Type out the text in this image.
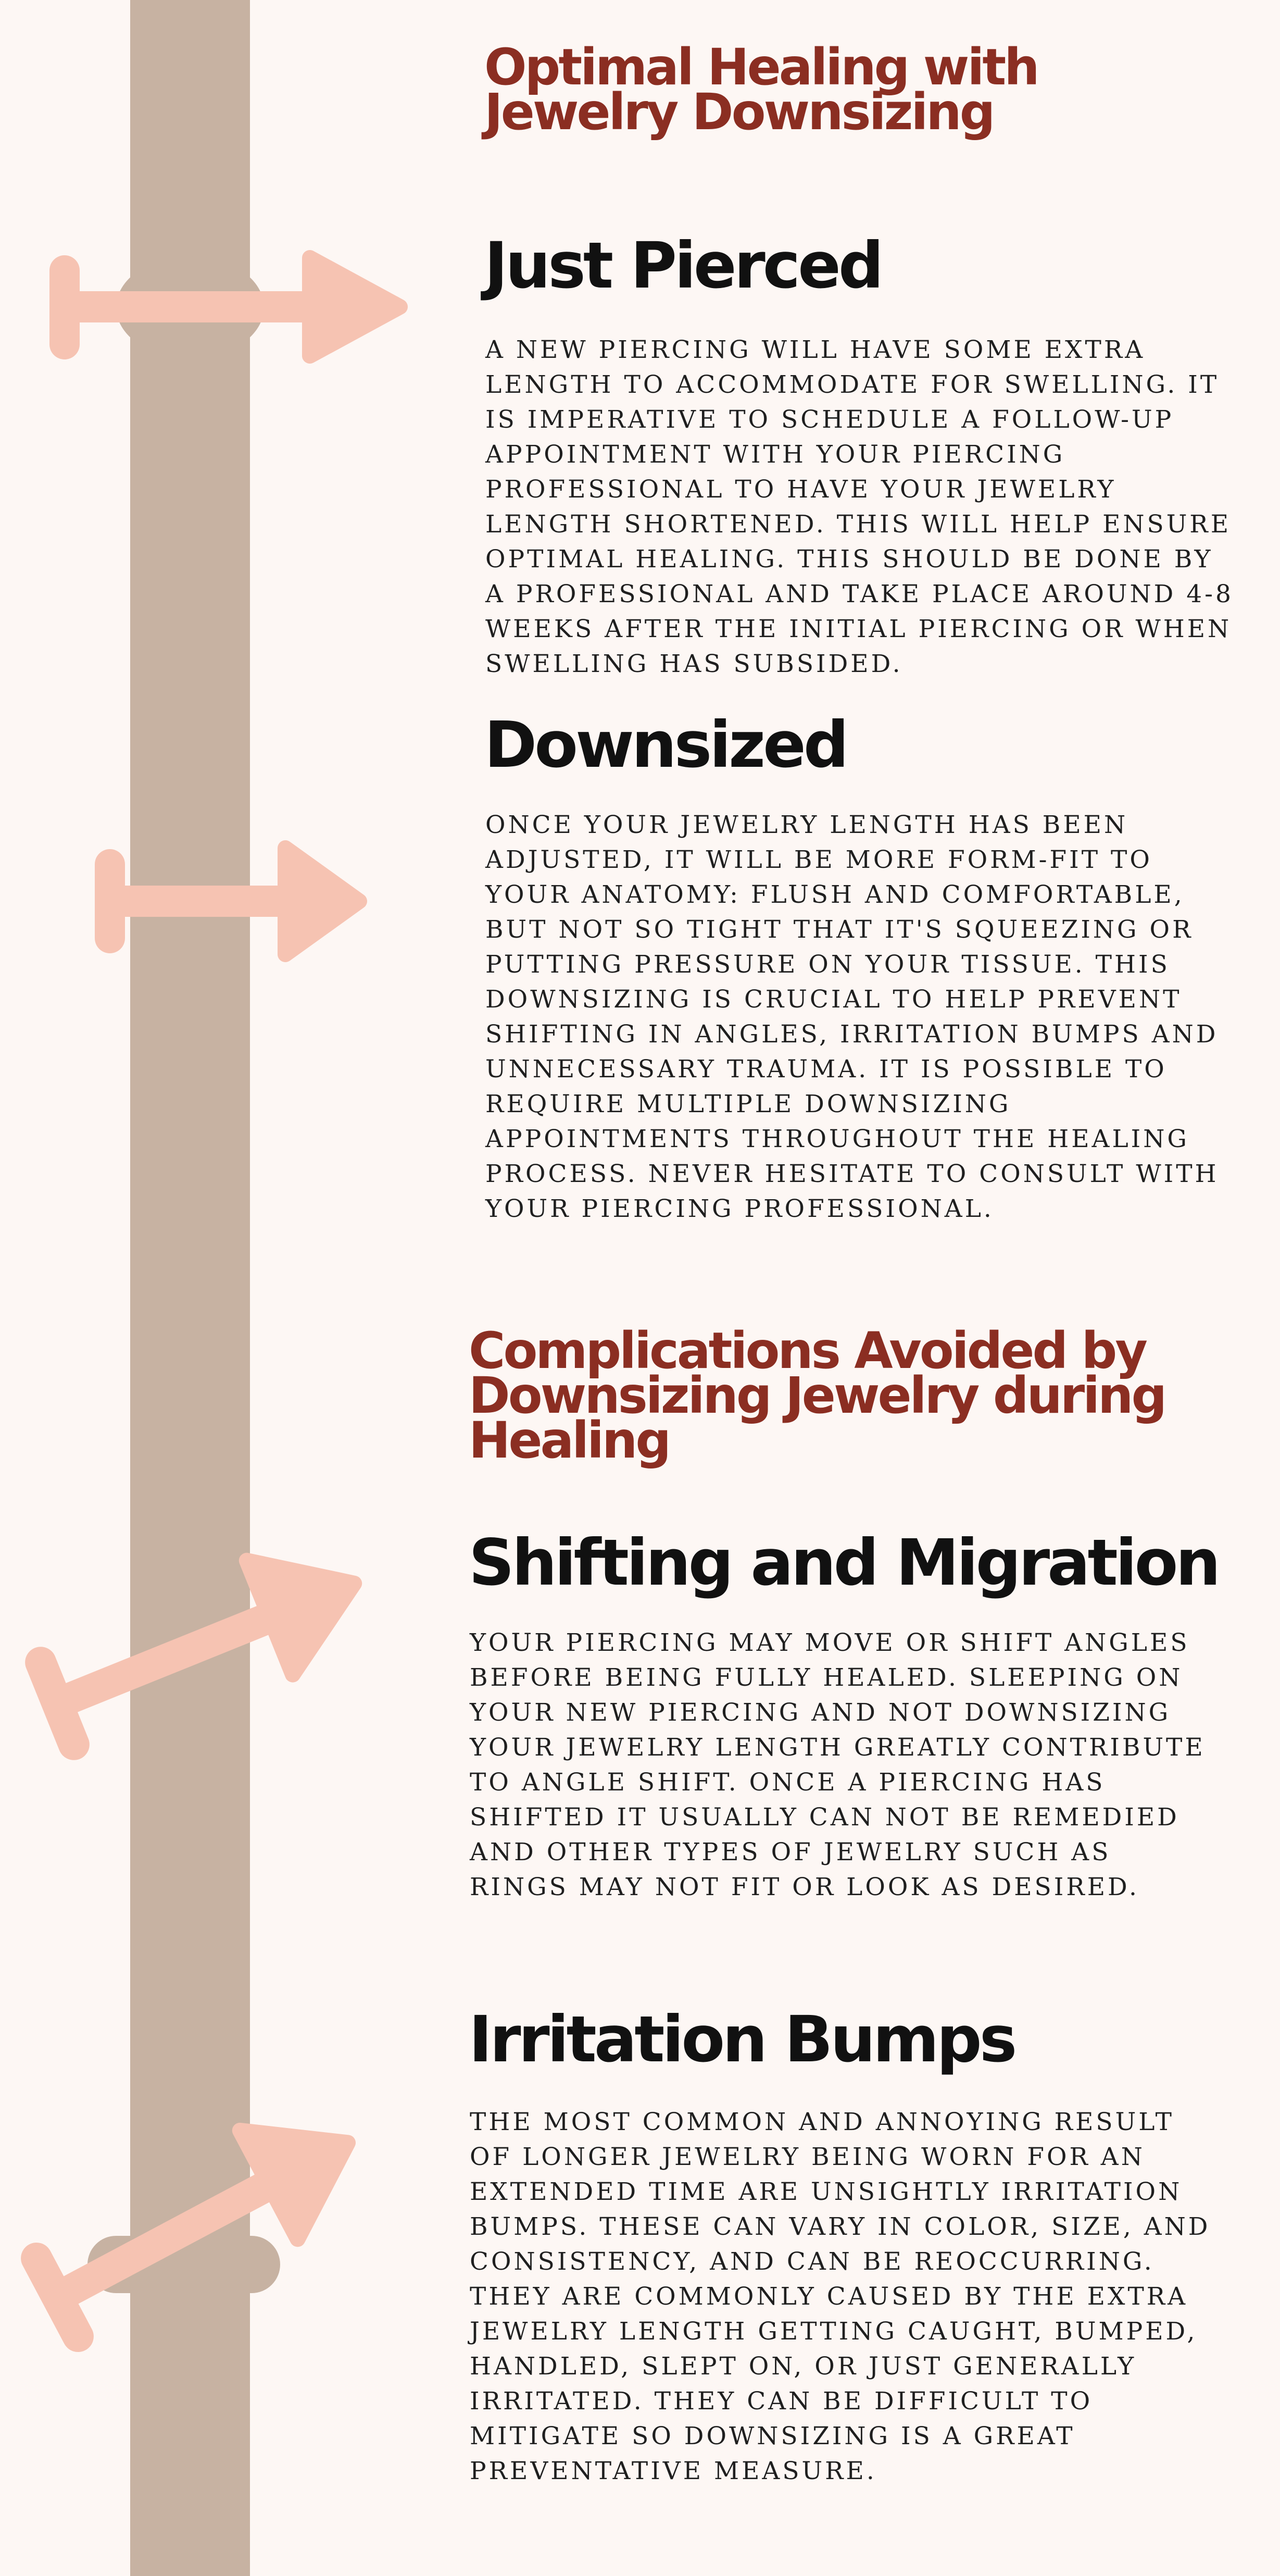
Optimal Healing with Jewelry Downsizing
Just Pierced

A NEW PIERCING WILL HAVE SOME EXTRA LENGTH TO ACCOMMODATE FOR SWELLING. IT IS IMPERATIVE TO SCHEDULE A FOLLOW-UP APPOINTMENT WITH YOUR PIERCING PROFESSIONAL TO HAVE YOUR JEWELRY LENGTH SHORTENED. THIS WILL HELP ENSURE OPTIMAL HEALING. THIS SHOULD BE DONE BY A PROFESSIONAL AND TAKE PLACE AROUND 4-8 WEEKS AFTER THE INITIAL PIERCING OR WHEN SWELLING HAS SUBSIDED.

Downsized

ONCE YOUR JEWELRY LENGTH HAS BEEN ADJUSTED, IT WILL BE MORE FORM-FIT TO YOUR ANATOMY: FLUSH AND COMFORTABLE, BUT NOT SO TIGHT THAT IT'S SQUEEZING OR PUTTING PRESSURE ON YOUR TISSUE. THIS DOWNSIZING IS CRUCIAL TO HELP PREVENT SHIFTING IN ANGLES, IRRITATION BUMPS AND UNNECESSARY TRAUMA. IT IS POSSIBLE TO REQUIRE MULTIPLE DOWNSIZING APPOINTMENTS THROUGHOUT THE HEALING PROCESS. NEVER HESITATE TO CONSULT WITH YOUR PIERCING PROFESSIONAL.

Complications Avoided by Downsizing Jewelry during Healing
Shifting and Migration

YOUR PIERCING MAY MOVE OR SHIFT ANGLES BEFORE BEING FULLY HEALED. SLEEPING ON YOUR NEW PIERCING AND NOT DOWNSIZING YOUR JEWELRY LENGTH GREATLY CONTRIBUTE TO ANGLE SHIFT. ONCE A PIERCING HAS SHIFTED IT USUALLY CAN NOT BE REMEDIED AND OTHER TYPES OF JEWELRY SUCH AS RINGS MAY NOT FIT OR LOOK AS DESIRED.

Irritation Bumps

THE MOST COMMON AND ANNOYING RESULT OF LONGER JEWELRY BEING WORN FOR AN EXTENDED TIME ARE UNSIGHTLY IRRITATION BUMPS. THESE CAN VARY IN COLOR, SIZE, AND CONSISTENCY, AND CAN BE REOCCURRING. THEY ARE COMMONLY CAUSED BY THE EXTRA JEWELRY LENGTH GETTING CAUGHT, BUMPED, HANDLED, SLEPT ON, OR JUST GENERALLY IRRITATED. THEY CAN BE DIFFICULT TO MITIGATE SO DOWNSIZING IS A GREAT PREVENTATIVE MEASURE.
